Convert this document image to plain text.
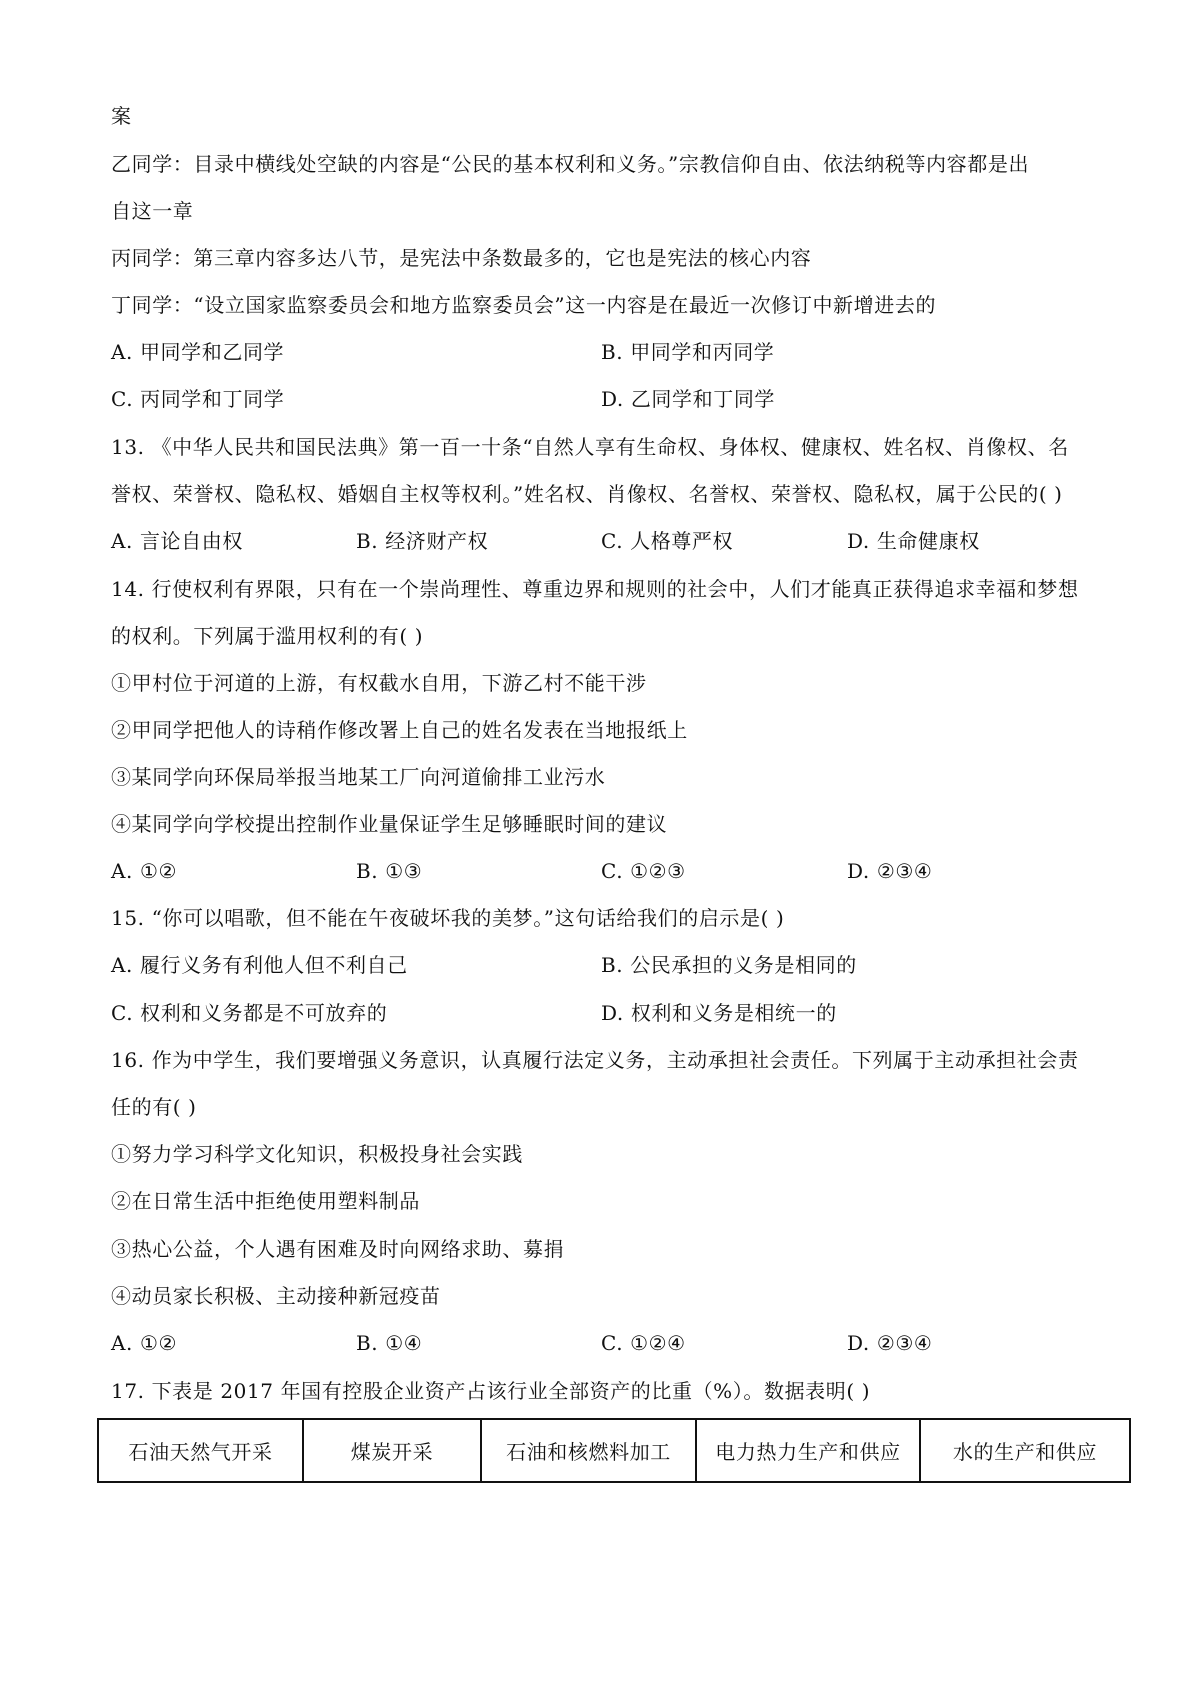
案
乙同学：目录中横线处空缺的内容是“公民的基本权利和义务。”宗教信仰自由、依法纳税等内容都是出
自这一章
丙同学：第三章内容多达八节，是宪法中条数最多的，它也是宪法的核心内容
丁同学：“设立国家监察委员会和地方监察委员会”这一内容是在最近一次修订中新增进去的
A. 甲同学和乙同学	B. 甲同学和丙同学
C. 丙同学和丁同学	D. 乙同学和丁同学
13. 《中华人民共和国民法典》第一百一十条“自然人享有生命权、身体权、健康权、姓名权、肖像权、名
誉权、荣誉权、隐私权、婚姻自主权等权利。”姓名权、肖像权、名誉权、荣誉权、隐私权，属于公民的( )
A. 言论自由权	B. 经济财产权	C. 人格尊严权	D. 生命健康权
14. 行使权利有界限，只有在一个崇尚理性、尊重边界和规则的社会中，人们才能真正获得追求幸福和梦想
的权利。下列属于滥用权利的有( )
①甲村位于河道的上游，有权截水自用，下游乙村不能干涉
②甲同学把他人的诗稍作修改署上自己的姓名发表在当地报纸上
③某同学向环保局举报当地某工厂向河道偷排工业污水
④某同学向学校提出控制作业量保证学生足够睡眠时间的建议
A. ①②	B. ①③	C. ①②③	D. ②③④
15. “你可以唱歌，但不能在午夜破坏我的美梦。”这句话给我们的启示是( )
A. 履行义务有利他人但不利自己	B. 公民承担的义务是相同的
C. 权利和义务都是不可放弃的	D. 权利和义务是相统一的
16. 作为中学生，我们要增强义务意识，认真履行法定义务，主动承担社会责任。下列属于主动承担社会责
任的有( )
①努力学习科学文化知识，积极投身社会实践
②在日常生活中拒绝使用塑料制品
③热心公益，个人遇有困难及时向网络求助、募捐
④动员家长积极、主动接种新冠疫苗
A. ①②	B. ①④	C. ①②④	D. ②③④
17. 下表是 2017 年国有控股企业资产占该行业全部资产的比重（%）。数据表明( )
石油天然气开采	煤炭开采	石油和核燃料加工	电力热力生产和供应	水的生产和供应
